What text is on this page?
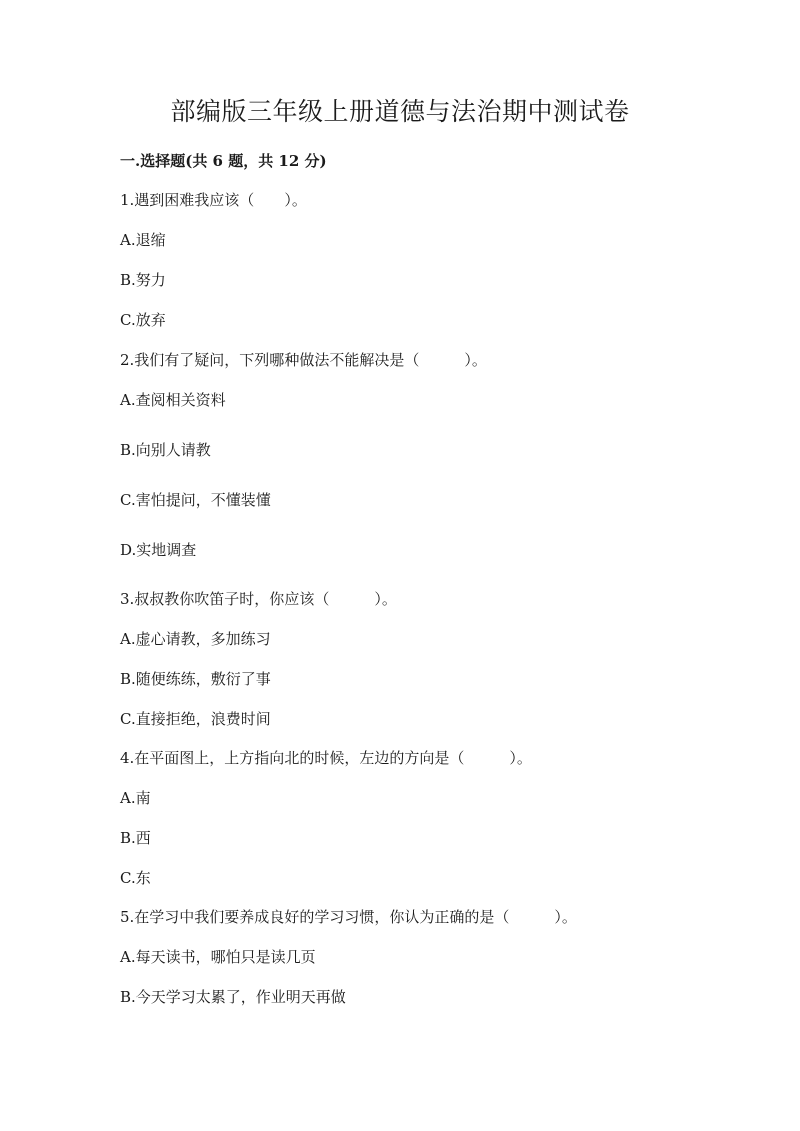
部编版三年级上册道德与法治期中测试卷
一.选择题(共 6 题，共 12 分)
1.遇到困难我应该（　　）。
A.退缩
B.努力
C.放弃
2.我们有了疑问，下列哪种做法不能解决是（　　　）。
A.查阅相关资料
B.向别人请教
C.害怕提问，不懂装懂
D.实地调查
3.叔叔教你吹笛子时，你应该（　　　）。
A.虚心请教，多加练习
B.随便练练，敷衍了事
C.直接拒绝，浪费时间
4.在平面图上，上方指向北的时候，左边的方向是（　　　）。
A.南
B.西
C.东
5.在学习中我们要养成良好的学习习惯，你认为正确的是（　　　）。
A.每天读书，哪怕只是读几页
B.今天学习太累了，作业明天再做
